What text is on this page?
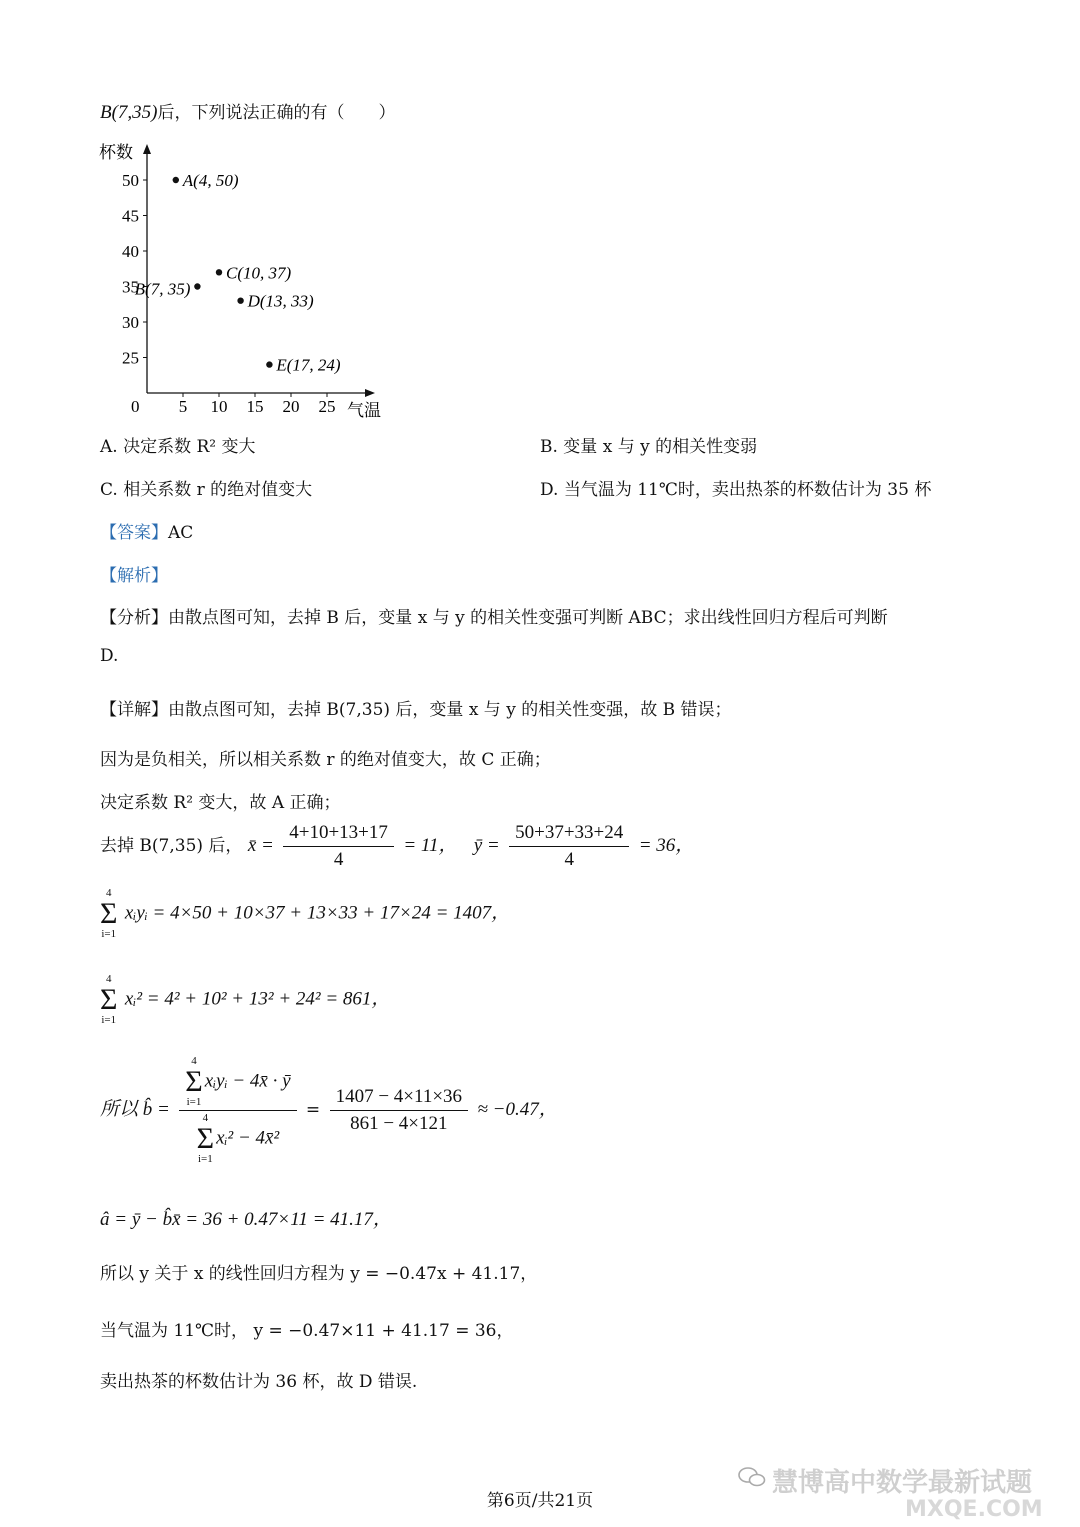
B(7,35)后，下列说法正确的有（　　）
杯数
气温
0
25
30
35
40
45
50
5 10 15 20 25
A(4, 50)
B(7, 35)
C(10, 37)
D(13, 33)
E(17, 24)
A. 决定系数 R² 变大	B. 变量 x 与 y 的相关性变弱
C. 相关系数 r 的绝对值变大	D. 当气温为 11℃时，卖出热茶的杯数估计为 35 杯
【答案】AC
【解析】
【分析】由散点图可知，去掉 B 后，变量 x 与 y 的相关性变强可判断 ABC；求出线性回归方程后可判断
D.
【详解】由散点图可知，去掉 B(7,35) 后，变量 x 与 y 的相关性变强，故 B 错误；
因为是负相关，所以相关系数 r 的绝对值变大，故 C 正确；
决定系数 R² 变大，故 A 正确；
去掉 B(7,35) 后， x̄ = $\frac{4+10+13+17}{4} = 11$， ȳ = $\frac{50+37+33+24}{4} = 36$，
4
Σ
i=1
xᵢyᵢ = 4×50 + 10×37 + 13×33 + 17×24 = 1407，
4
Σ
i=1
xᵢ² = 4² + 10² + 13² + 24² = 861，
所以 b̂ = 4
Σ
i=1
xᵢyᵢ − 4x̄ · ȳ
4
Σ
i=1
xᵢ² − 4x̄² = $\frac{1407 - 4\times 11\times 36}{861 - 4\times 121} \approx -0.47$，
â = ȳ − b̂x̄ = 36 + 0.47×11 = 41.17，
所以 y 关于 x 的线性回归方程为 y = −0.47x + 41.17，
当气温为 11℃时， y = −0.47×11 + 41.17 = 36，
卖出热茶的杯数估计为 36 杯，故 D 错误.
慧博高中数学最新试题
MXQE.COM
第6页/共21页
